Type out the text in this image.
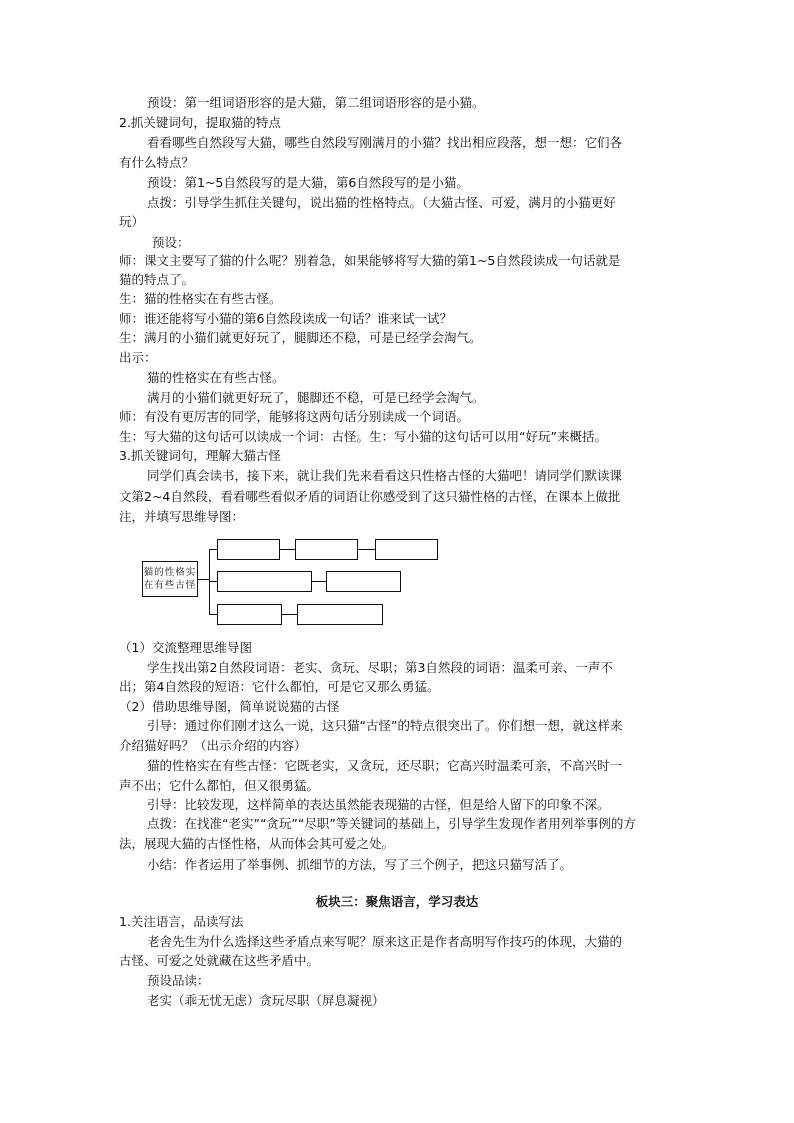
预设：第一组词语形容的是大猫，第二组词语形容的是小猫。
2.抓关键词句，提取猫的特点
看看哪些自然段写大猫，哪些自然段写刚满月的小猫？找出相应段落，想一想：它们各
有什么特点？
预设：第1~5自然段写的是大猫，第6自然段写的是小猫。
点拨：引导学生抓住关键句，说出猫的性格特点。（大猫古怪、可爱，满月的小猫更好
玩）
预设：
师：课文主要写了猫的什么呢？别着急，如果能够将写大猫的第1~5自然段读成一句话就是
猫的特点了。
生：猫的性格实在有些古怪。
师：谁还能将写小猫的第6自然段读成一句话？谁来试一试？
生：满月的小猫们就更好玩了，腿脚还不稳，可是已经学会淘气。
出示：
猫的性格实在有些古怪。
满月的小猫们就更好玩了，腿脚还不稳，可是已经学会淘气。
师：有没有更厉害的同学，能够将这两句话分别读成一个词语。
生：写大猫的这句话可以读成一个词：古怪。生：写小猫的这句话可以用“好玩”来概括。
3.抓关键词句，理解大猫古怪
同学们真会读书，接下来，就让我们先来看看这只性格古怪的大猫吧！请同学们默读课
文第2~4自然段，看看哪些看似矛盾的词语让你感受到了这只猫性格的古怪，在课本上做批
注，并填写思维导图：
猫的性格实
在有些古怪
（1）交流整理思维导图
学生找出第2自然段词语：老实、贪玩、尽职；第3自然段的词语：温柔可亲、一声不
出；第4自然段的短语：它什么都怕，可是它又那么勇猛。
（2）借助思维导图，简单说说猫的古怪
引导：通过你们刚才这么一说，这只猫“古怪”的特点很突出了。你们想一想，就这样来
介绍猫好吗？（出示介绍的内容）
猫的性格实在有些古怪：它既老实，又贪玩，还尽职；它高兴时温柔可亲，不高兴时一
声不出；它什么都怕，但又很勇猛。
引导：比较发现，这样简单的表达虽然能表现猫的古怪，但是给人留下的印象不深。
点拨：在找准“老实”“贪玩”“尽职”等关键词的基础上，引导学生发现作者用列举事例的方
法，展现大猫的古怪性格，从而体会其可爱之处。
小结：作者运用了举事例、抓细节的方法，写了三个例子，把这只猫写活了。
板块三：聚焦语言，学习表达
1.关注语言，品读写法
老舍先生为什么选择这些矛盾点来写呢？原来这正是作者高明写作技巧的体现，大猫的
古怪、可爱之处就藏在这些矛盾中。
预设品读：
老实（乖无忧无虑）贪玩尽职（屏息凝视）
